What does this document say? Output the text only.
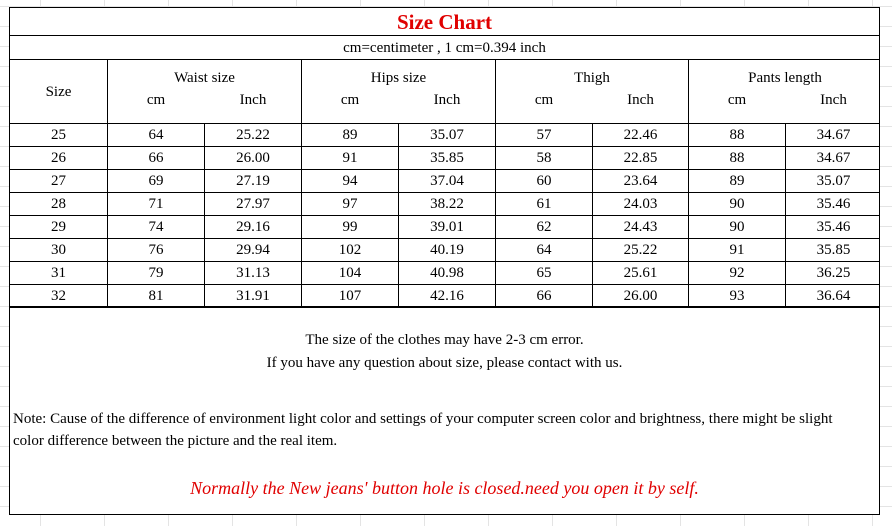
Size Chart
cm=centimeter , 1 cm=0.394 inch
Size
Waist size	Hips size	Thigh	Pants length
cm	Inch	cm	Inch	cm	Inch	cm	Inch
25	64	25.22	89	35.07	57	22.46	88	34.67
26	66	26.00	91	35.85	58	22.85	88	34.67
27	69	27.19	94	37.04	60	23.64	89	35.07
28	71	27.97	97	38.22	61	24.03	90	35.46
29	74	29.16	99	39.01	62	24.43	90	35.46
30	76	29.94	102	40.19	64	25.22	91	35.85
31	79	31.13	104	40.98	65	25.61	92	36.25
32	81	31.91	107	42.16	66	26.00	93	36.64
The size of the clothes may have 2-3 cm error.
If you have any question about size, please contact with us.
Note: Cause of the difference of environment light color and settings of your computer screen color and brightness, there might be slight color difference between the picture and the real item.
Normally the New jeans' button hole is closed.need you open it by self.
